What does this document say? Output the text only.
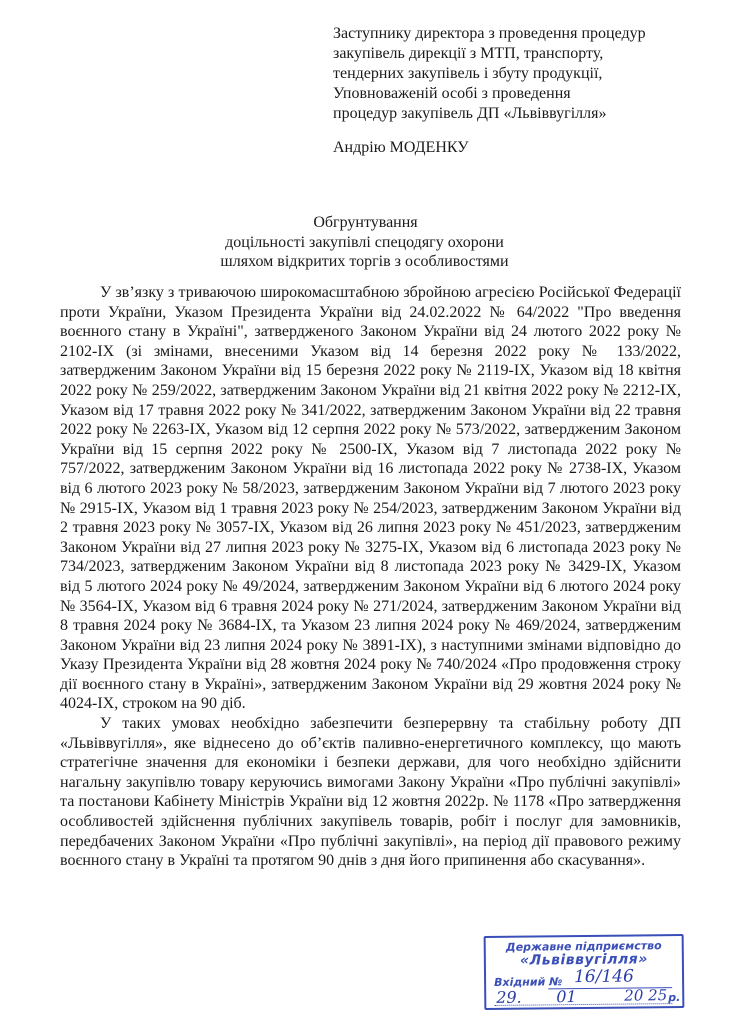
Заступнику директора з проведення процедур
закупівель дирекції з МТП, транспорту,
тендерних закупівель і збуту продукції,
Уповноваженій особі з проведення
процедур закупівель ДП «Львіввугілля»
Андрію МОДЕНКУ
Обгрунтування
доцільності закупівлі спецодягу охорони
шляхом відкритих торгів з особливостями

У зв’язку з триваючою широкомасштабною збройною агресією Російської Федерації проти України, Указом Президента України від 24.02.2022 № 64/2022 "Про введення воєнного стану в Україні", затвердженого Законом України від 24 лютого 2022 року № 2102-IX (зі змінами, внесеними Указом від 14 березня 2022 року № 133/2022, затвердженим Законом України від 15 березня 2022 року № 2119-IX, Указом від 18 квітня 2022 року № 259/2022, затвердженим Законом України від 21 квітня 2022 року № 2212-IX, Указом від 17 травня 2022 року № 341/2022, затвердженим Законом України від 22 травня 2022 року № 2263-IX, Указом від 12 серпня 2022 року № 573/2022, затвердженим Законом України від 15 серпня 2022 року № 2500-IX, Указом від 7 листопада 2022 року № 757/2022, затвердженим Законом України від 16 листопада 2022 року № 2738-IX, Указом від 6 лютого 2023 року № 58/2023, затвердженим Законом України від 7 лютого 2023 року № 2915-IX, Указом від 1 травня 2023 року № 254/2023, затвердженим Законом України від 2 травня 2023 року № 3057-IX, Указом від 26 липня 2023 року № 451/2023, затвердженим Законом України від 27 липня 2023 року № 3275-IX, Указом від 6 листопада 2023 року № 734/2023, затвердженим Законом України від 8 листопада 2023 року № 3429-IX, Указом від 5 лютого 2024 року № 49/2024, затвердженим Законом України від 6 лютого 2024 року № 3564-IX, Указом від 6 травня 2024 року № 271/2024, затвердженим Законом України від 8 травня 2024 року № 3684-IX, та Указом 23 липня 2024 року № 469/2024, затвердженим Законом України від 23 липня 2024 року № 3891-IX), з наступними змінами відповідно до Указу Президента України від 28 жовтня 2024 року № 740/2024 «Про продовження строку дії воєнного стану в Україні», затвердженим Законом України від 29 жовтня 2024 року № 4024-IX, строком на 90 діб.

У таких умовах необхідно забезпечити безперервну та стабільну роботу ДП «Львіввугілля», яке віднесено до об’єктів паливно-енергетичного комплексу, що мають стратегічне значення для економіки і безпеки держави, для чого необхідно здійснити нагальну закупівлю товару керуючись вимогами Закону України «Про публічні закупівлі» та постанови Кабінету Міністрів України від 12 жовтня 2022р. № 1178 «Про затвердження особливостей здійснення публічних закупівель товарів, робіт і послуг для замовників, передбачених Законом України «Про публічні закупівлі», на період дії правового режиму воєнного стану в Україні та протягом 90 днів з дня його припинення або скасування».

Державне підприємство
«Львіввугілля»
Вхідний № 16/146
29. 01	20 25 р.
